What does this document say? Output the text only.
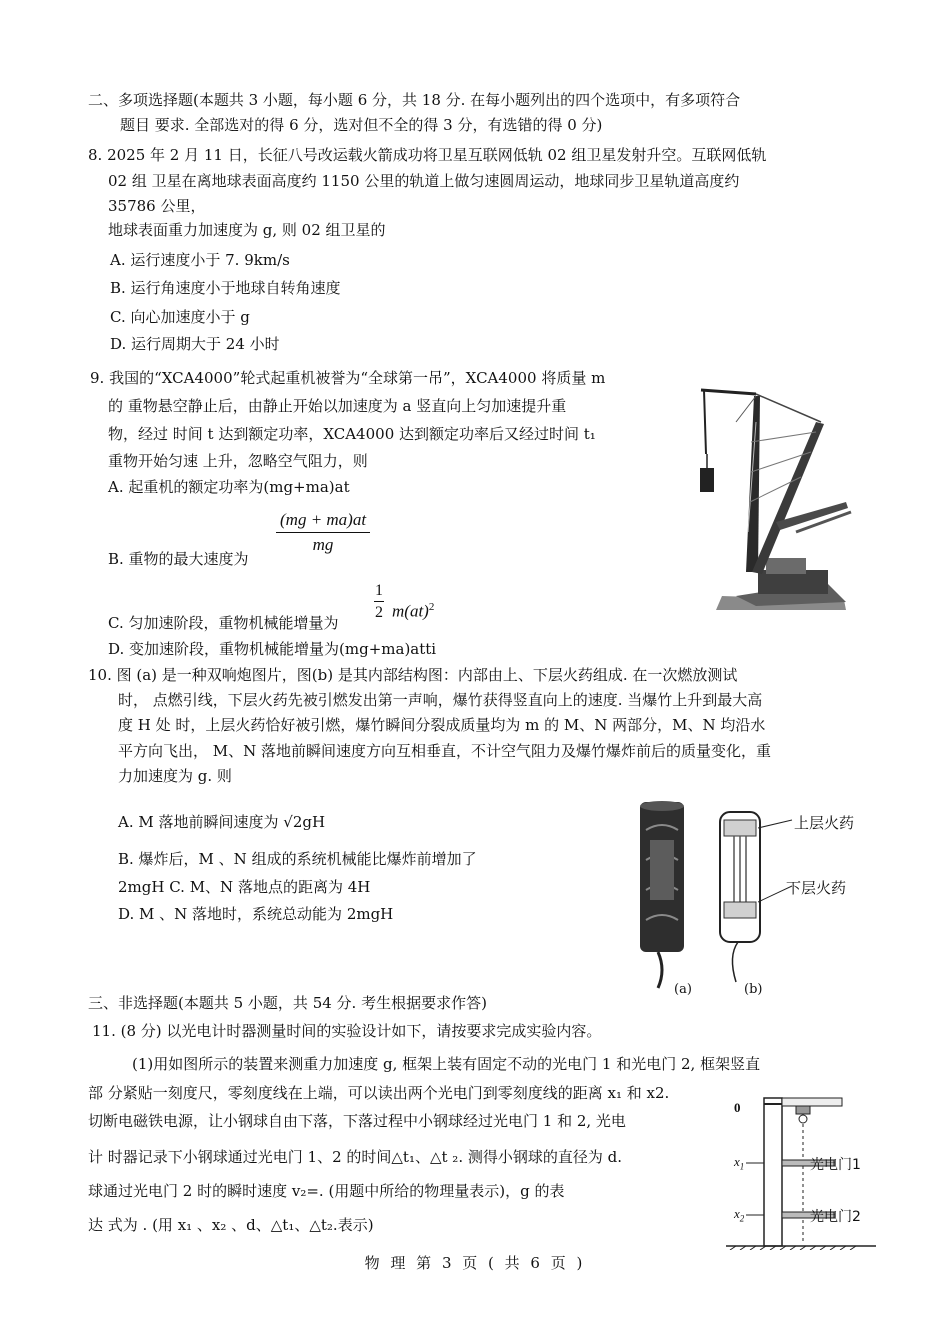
二、多项选择题(本题共 3 小题，每小题 6 分，共 18 分. 在每小题列出的四个选项中，有多项符合
题目 要求. 全部选对的得 6 分，选对但不全的得 3 分，有选错的得 0 分)
8. 2025 年 2 月 11 日，长征八号改运载火箭成功将卫星互联网低轨 02 组卫星发射升空。互联网低轨
02 组 卫星在离地球表面高度约 1150 公里的轨道上做匀速圆周运动，地球同步卫星轨道高度约
35786 公里，
地球表面重力加速度为 g, 则 02 组卫星的
A. 运行速度小于 7. 9km/s
B. 运行角速度小于地球自转角速度
C. 向心加速度小于 g
D. 运行周期大于 24 小时
9. 我国的“XCA4000”轮式起重机被誉为“全球第一吊”，XCA4000 将质量 m
的 重物悬空静止后，由静止开始以加速度为 a 竖直向上匀加速提升重
物，经过 时间 t 达到额定功率，XCA4000 达到额定功率后又经过时间 t₁
重物开始匀速 上升，忽略空气阻力，则
A. 起重机的额定功率为(mg+ma)at
$\frac{(mg + ma)at}{mg}$
B. 重物的最大速度为
C. 匀加速阶段，重物机械能增量为
$\frac{1}{2} m(at)^2$
D. 变加速阶段，重物机械能增量为(mg+ma)atti
10. 图 (a) 是一种双响炮图片，图(b) 是其内部结构图：内部由上、下层火药组成. 在一次燃放测试
时， 点燃引线，下层火药先被引燃发出第一声响，爆竹获得竖直向上的速度. 当爆竹上升到最大高
度 H 处 时，上层火药恰好被引燃，爆竹瞬间分裂成质量均为 m 的 M、N 两部分，M、N 均沿水
平方向飞出， M、N 落地前瞬间速度方向互相垂直，不计空气阻力及爆竹爆炸前后的质量变化，重
力加速度为 g. 则
A. M 落地前瞬间速度为 √2gH
B. 爆炸后，M 、N 组成的系统机械能比爆炸前增加了
2mgH C. M、N 落地点的距离为 4H
D. M 、N 落地时，系统总动能为 2mgH
(a)
上层火药
下层火药
(b)
三、非选择题(本题共 5 小题，共 54 分. 考生根据要求作答)
11. (8 分) 以光电计时器测量时间的实验设计如下，请按要求完成实验内容。
(1)用如图所示的装置来测重力加速度 g, 框架上装有固定不动的光电门 1 和光电门 2, 框架竖直
部 分紧贴一刻度尺，零刻度线在上端，可以读出两个光电门到零刻度线的距离 x₁ 和 x2.
切断电磁铁电源，让小钢球自由下落，下落过程中小钢球经过光电门 1 和 2, 光电
计 时器记录下小钢球通过光电门 1、2 的时间△t₁、△t ₂. 测得小钢球的直径为 d.
球通过光电门 2 时的瞬时速度 v₂=. (用题中所给的物理量表示)，g 的表
达 式为 . (用 x₁ 、x₂ 、d、△t₁、△t₂.表示)
0
$x_1$
$x_2$
光电门1
光电门2
物 理 第 3 页 ( 共 6 页 )
